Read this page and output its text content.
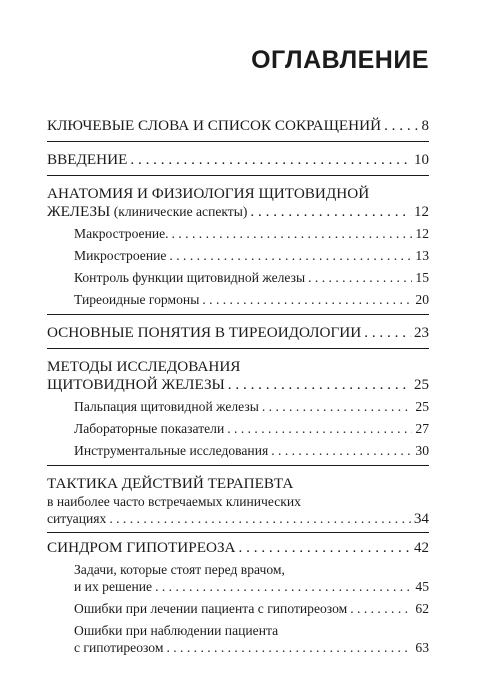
ОГЛАВЛЕНИЕ
КЛЮЧЕВЫЕ СЛОВА И СПИСОК СОКРАЩЕНИЙ . . .	8
ВВЕДЕНИЕ . . .	10
АНАТОМИЯ И ФИЗИОЛОГИЯ ЩИТОВИДНОЙ
ЖЕЛЕЗЫ (клинические аспекты) . . .	12
Макростроение. . . .	12
Микростроение . . .	13
Контроль функции щитовидной железы . . .	15
Тиреоидные гормоны . . .	20
ОСНОВНЫЕ ПОНЯТИЯ В ТИРЕОИДОЛОГИИ . . .	23
МЕТОДЫ ИССЛЕДОВАНИЯ
ЩИТОВИДНОЙ ЖЕЛЕЗЫ . . .	25
Пальпация щитовидной железы . . .	25
Лабораторные показатели . . .	27
Инструментальные исследования . . .	30
ТАКТИКА ДЕЙСТВИЙ ТЕРАПЕВТА
в наиболее часто встречаемых клинических
ситуациях . . .	34
СИНДРОМ ГИПОТИРЕОЗА . . .	42
Задачи, которые стоят перед врачом,
и их решение . . .	45
Ошибки при лечении пациента с гипотиреозом . . .	62
Ошибки при наблюдении пациента
с гипотиреозом . . .	63
